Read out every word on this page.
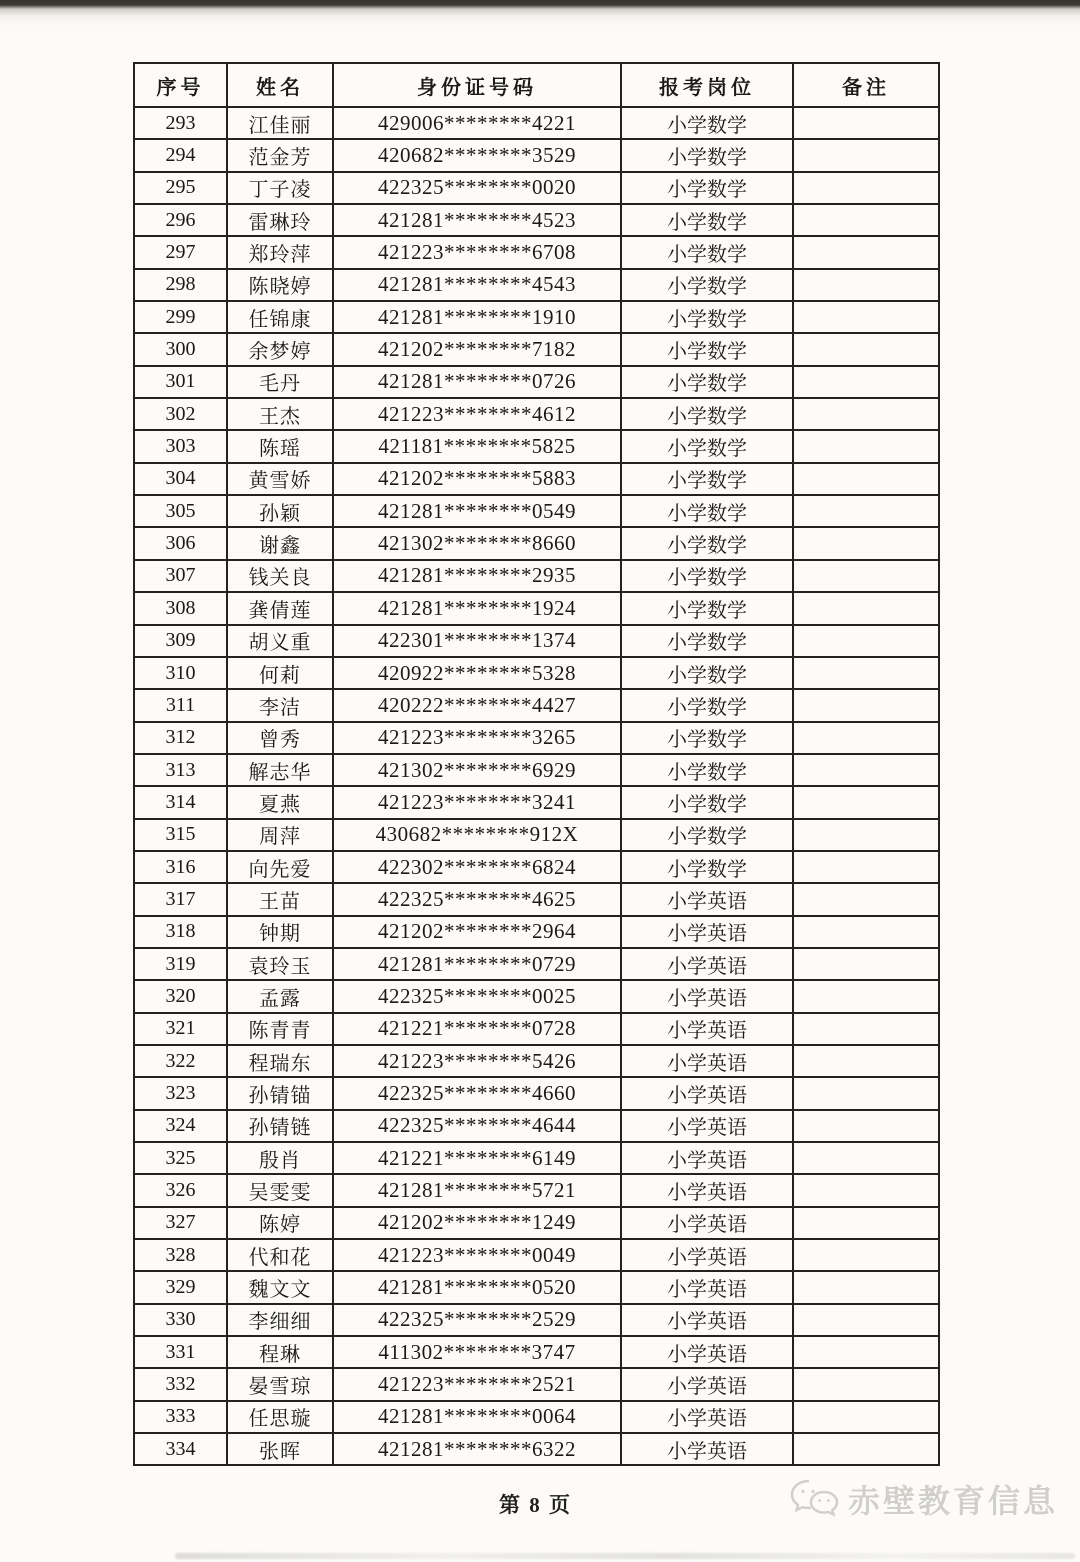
序号	姓名	身份证号码	报考岗位	备注
293	江佳丽	429006********4221	小学数学	
294	范金芳	420682********3529	小学数学	
295	丁子凌	422325********0020	小学数学	
296	雷琳玲	421281********4523	小学数学	
297	郑玲萍	421223********6708	小学数学	
298	陈晓婷	421281********4543	小学数学	
299	任锦康	421281********1910	小学数学	
300	余梦婷	421202********7182	小学数学	
301	毛丹	421281********0726	小学数学	
302	王杰	421223********4612	小学数学	
303	陈瑶	421181********5825	小学数学	
304	黄雪娇	421202********5883	小学数学	
305	孙颖	421281********0549	小学数学	
306	谢鑫	421302********8660	小学数学	
307	钱关良	421281********2935	小学数学	
308	龚倩莲	421281********1924	小学数学	
309	胡义重	422301********1374	小学数学	
310	何莉	420922********5328	小学数学	
311	李洁	420222********4427	小学数学	
312	曾秀	421223********3265	小学数学	
313	解志华	421302********6929	小学数学	
314	夏燕	421223********3241	小学数学	
315	周萍	430682********912X	小学数学	
316	向先爱	422302********6824	小学数学	
317	王苗	422325********4625	小学英语	
318	钟期	421202********2964	小学英语	
319	袁玲玉	421281********0729	小学英语	
320	孟露	422325********0025	小学英语	
321	陈青青	421221********0728	小学英语	
322	程瑞东	421223********5426	小学英语	
323	孙锖锚	422325********4660	小学英语	
324	孙锖链	422325********4644	小学英语	
325	殷肖	421221********6149	小学英语	
326	吴雯雯	421281********5721	小学英语	
327	陈婷	421202********1249	小学英语	
328	代和花	421223********0049	小学英语	
329	魏文文	421281********0520	小学英语	
330	李细细	422325********2529	小学英语	
331	程琳	411302********3747	小学英语	
332	晏雪琼	421223********2521	小学英语	
333	任思璇	421281********0064	小学英语	
334	张晖	421281********6322	小学英语	
第 8 页	赤壁教育信息
